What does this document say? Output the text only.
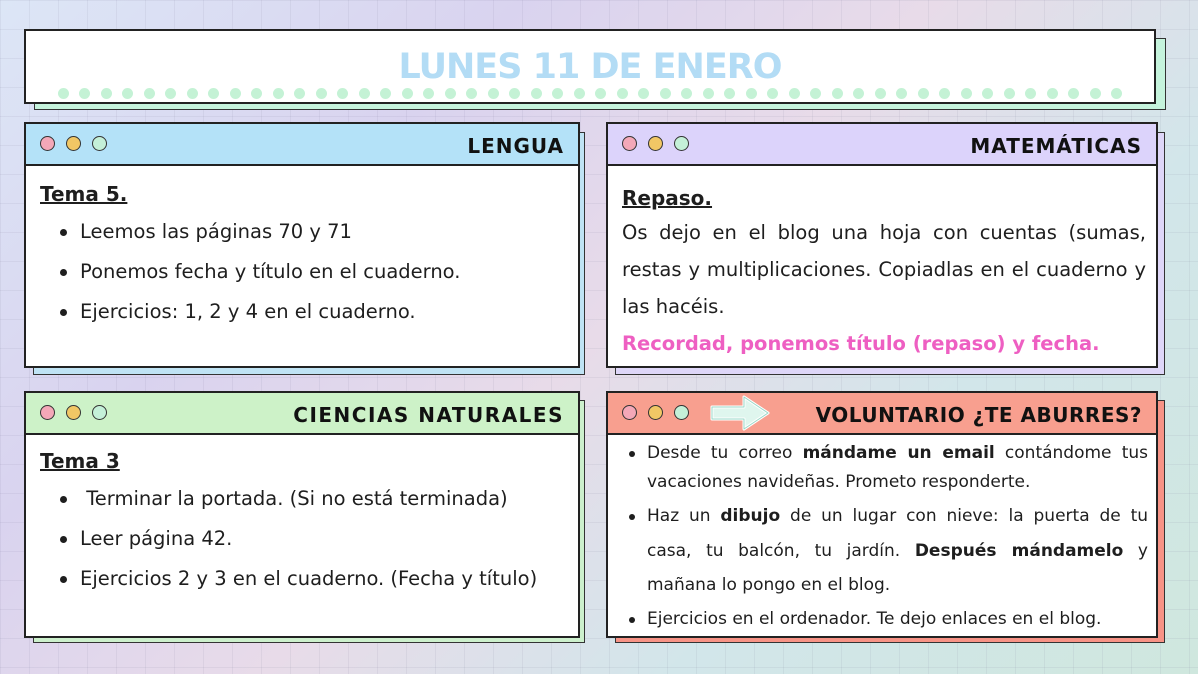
LUNES 11 DE ENERO
LENGUA
Tema 5.
Leemos las páginas 70 y 71
Ponemos fecha y título en el cuaderno.
Ejercicios: 1, 2 y 4 en el cuaderno.
MATEMÁTICAS
Repaso.
Os dejo en el blog una hoja con cuentas (sumas, restas y multiplicaciones. Copiadlas en el cuaderno y las hacéis.
Recordad, ponemos título (repaso) y fecha.
CIENCIAS NATURALES
Tema 3
Terminar la portada. (Si no está terminada)
Leer página 42.
Ejercicios 2 y 3 en el cuaderno. (Fecha y título)
VOLUNTARIO ¿TE ABURRES?
Desde tu correo mándame un email contándome tus vacaciones navideñas. Prometo responderte.
Haz un dibujo de un lugar con nieve: la puerta de tu casa, tu balcón, tu jardín. Después mándamelo y mañana lo pongo en el blog.
Ejercicios en el ordenador. Te dejo enlaces en el blog.
